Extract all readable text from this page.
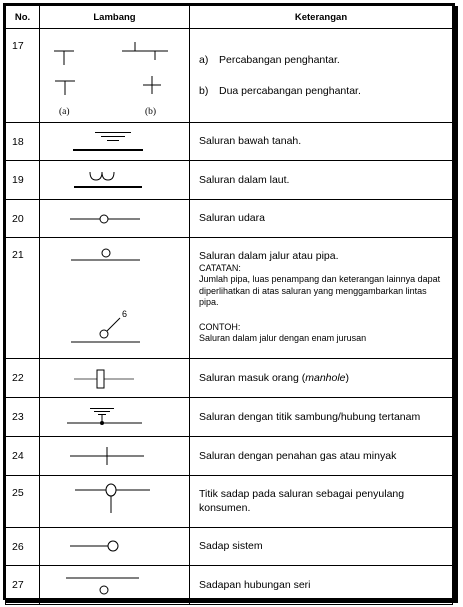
No.	Lambang	Keterangan
17	(a) (b)	a) Percabangan penghantar.
b) Dua percabangan penghantar.

18		Saluran bawah tanah.
19		Saluran dalam laut.
20		Saluran udara
21	6	Saluran dalam jalur atau pipa.
CATATAN:
Jumlah pipa, luas penampang dan keterangan lainnya dapat diperlihatkan di atas saluran yang menggambarkan lintas pipa.
CONTOH:
Saluran dalam jalur dengan enam jurusan

22		Saluran masuk orang (manhole)
23		Saluran dengan titik sambung/hubung tertanam
24		Saluran dengan penahan gas atau minyak
25		Titik sadap pada saluran sebagai penyulang konsumen.
26		Sadap sistem
27		Sadapan hubungan seri
